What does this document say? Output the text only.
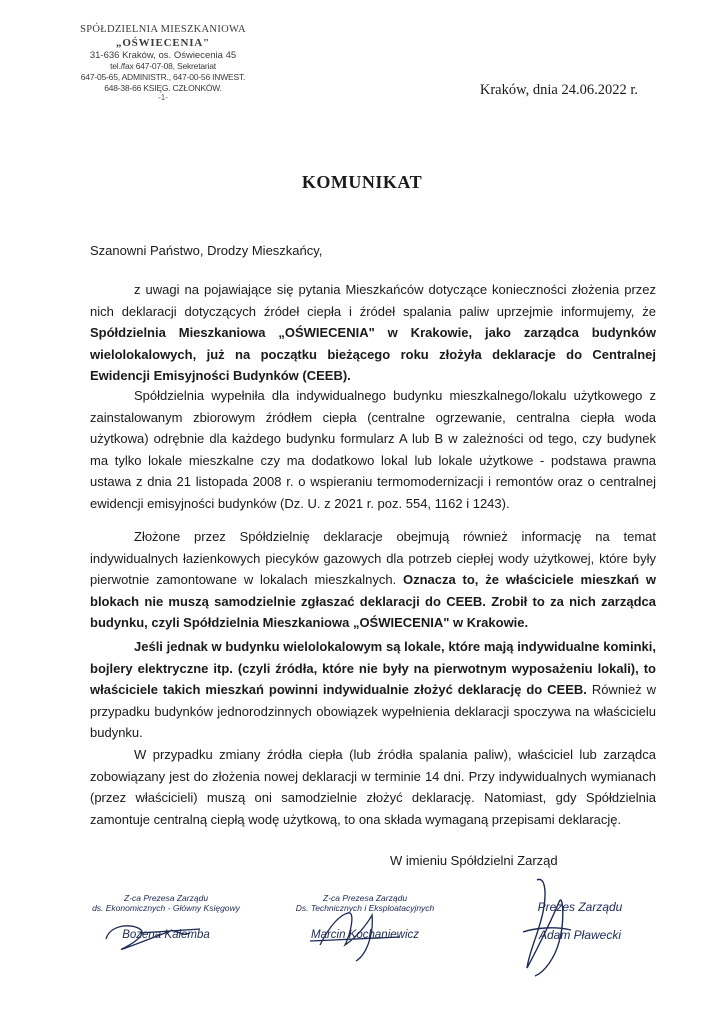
SPÓŁDZIELNIA MIESZKANIOWA
„OŚWIECENIA"
31-636 Kraków, os. Oświecenia 45
tel./fax 647-07-08, Sekretariat
647-05-65, ADMINISTR., 647-00-56 INWEST.
648-38-66 KSIĘG. CZŁONKÓW.
-1-	Kraków, dnia 24.06.2022 r.
KOMUNIKAT
Szanowni Państwo, Drodzy Mieszkańcy,

z uwagi na pojawiające się pytania Mieszkańców dotyczące konieczności złożenia przez nich deklaracji dotyczących źródeł ciepła i źródeł spalania paliw uprzejmie informujemy, że Spółdzielnia Mieszkaniowa „OŚWIECENIA" w Krakowie, jako zarządca budynków wielolokalowych, już na początku bieżącego roku złożyła deklaracje do Centralnej Ewidencji Emisyjności Budynków (CEEB).

Spółdzielnia wypełniła dla indywidualnego budynku mieszkalnego/lokalu użytkowego z zainstalowanym zbiorowym źródłem ciepła (centralne ogrzewanie, centralna ciepła woda użytkowa) odrębnie dla każdego budynku formularz A lub B w zależności od tego, czy budynek ma tylko lokale mieszkalne czy ma dodatkowo lokal lub lokale użytkowe - podstawa prawna ustawa z dnia 21 listopada 2008 r. o wspieraniu termomodernizacji i remontów oraz o centralnej ewidencji emisyjności budynków (Dz. U. z 2021 r. poz. 554, 1162 i 1243).

Złożone przez Spółdzielnię deklaracje obejmują również informację na temat indywidualnych łazienkowych piecyków gazowych dla potrzeb ciepłej wody użytkowej, które były pierwotnie zamontowane w lokalach mieszkalnych. Oznacza to, że właściciele mieszkań w blokach nie muszą samodzielnie zgłaszać deklaracji do CEEB. Zrobił to za nich zarządca budynku, czyli Spółdzielnia Mieszkaniowa „OŚWIECENIA" w Krakowie.

Jeśli jednak w budynku wielolokalowym są lokale, które mają indywidualne kominki, bojlery elektryczne itp. (czyli źródła, które nie były na pierwotnym wyposażeniu lokali), to właściciele takich mieszkań powinni indywidualnie złożyć deklarację do CEEB. Również w przypadku budynków jednorodzinnych obowiązek wypełnienia deklaracji spoczywa na właścicielu budynku.

W przypadku zmiany źródła ciepła (lub źródła spalania paliw), właściciel lub zarządca zobowiązany jest do złożenia nowej deklaracji w terminie 14 dni. Przy indywidualnych wymianach (przez właścicieli) muszą oni samodzielnie złożyć deklarację. Natomiast, gdy Spółdzielnia zamontuje centralną ciepłą wodę użytkową, to ona składa wymaganą przepisami deklarację.

W imieniu Spółdzielni Zarząd
Z-ca Prezesa Zarządu
ds. Ekonomicznych - Główny Księgowy
Bożena Kalemba
Z-ca Prezesa Zarządu
Ds. Technicznych i Eksploatacyjnych
Marcin Kochaniewicz
Prezes Zarządu
Adam Pławecki
